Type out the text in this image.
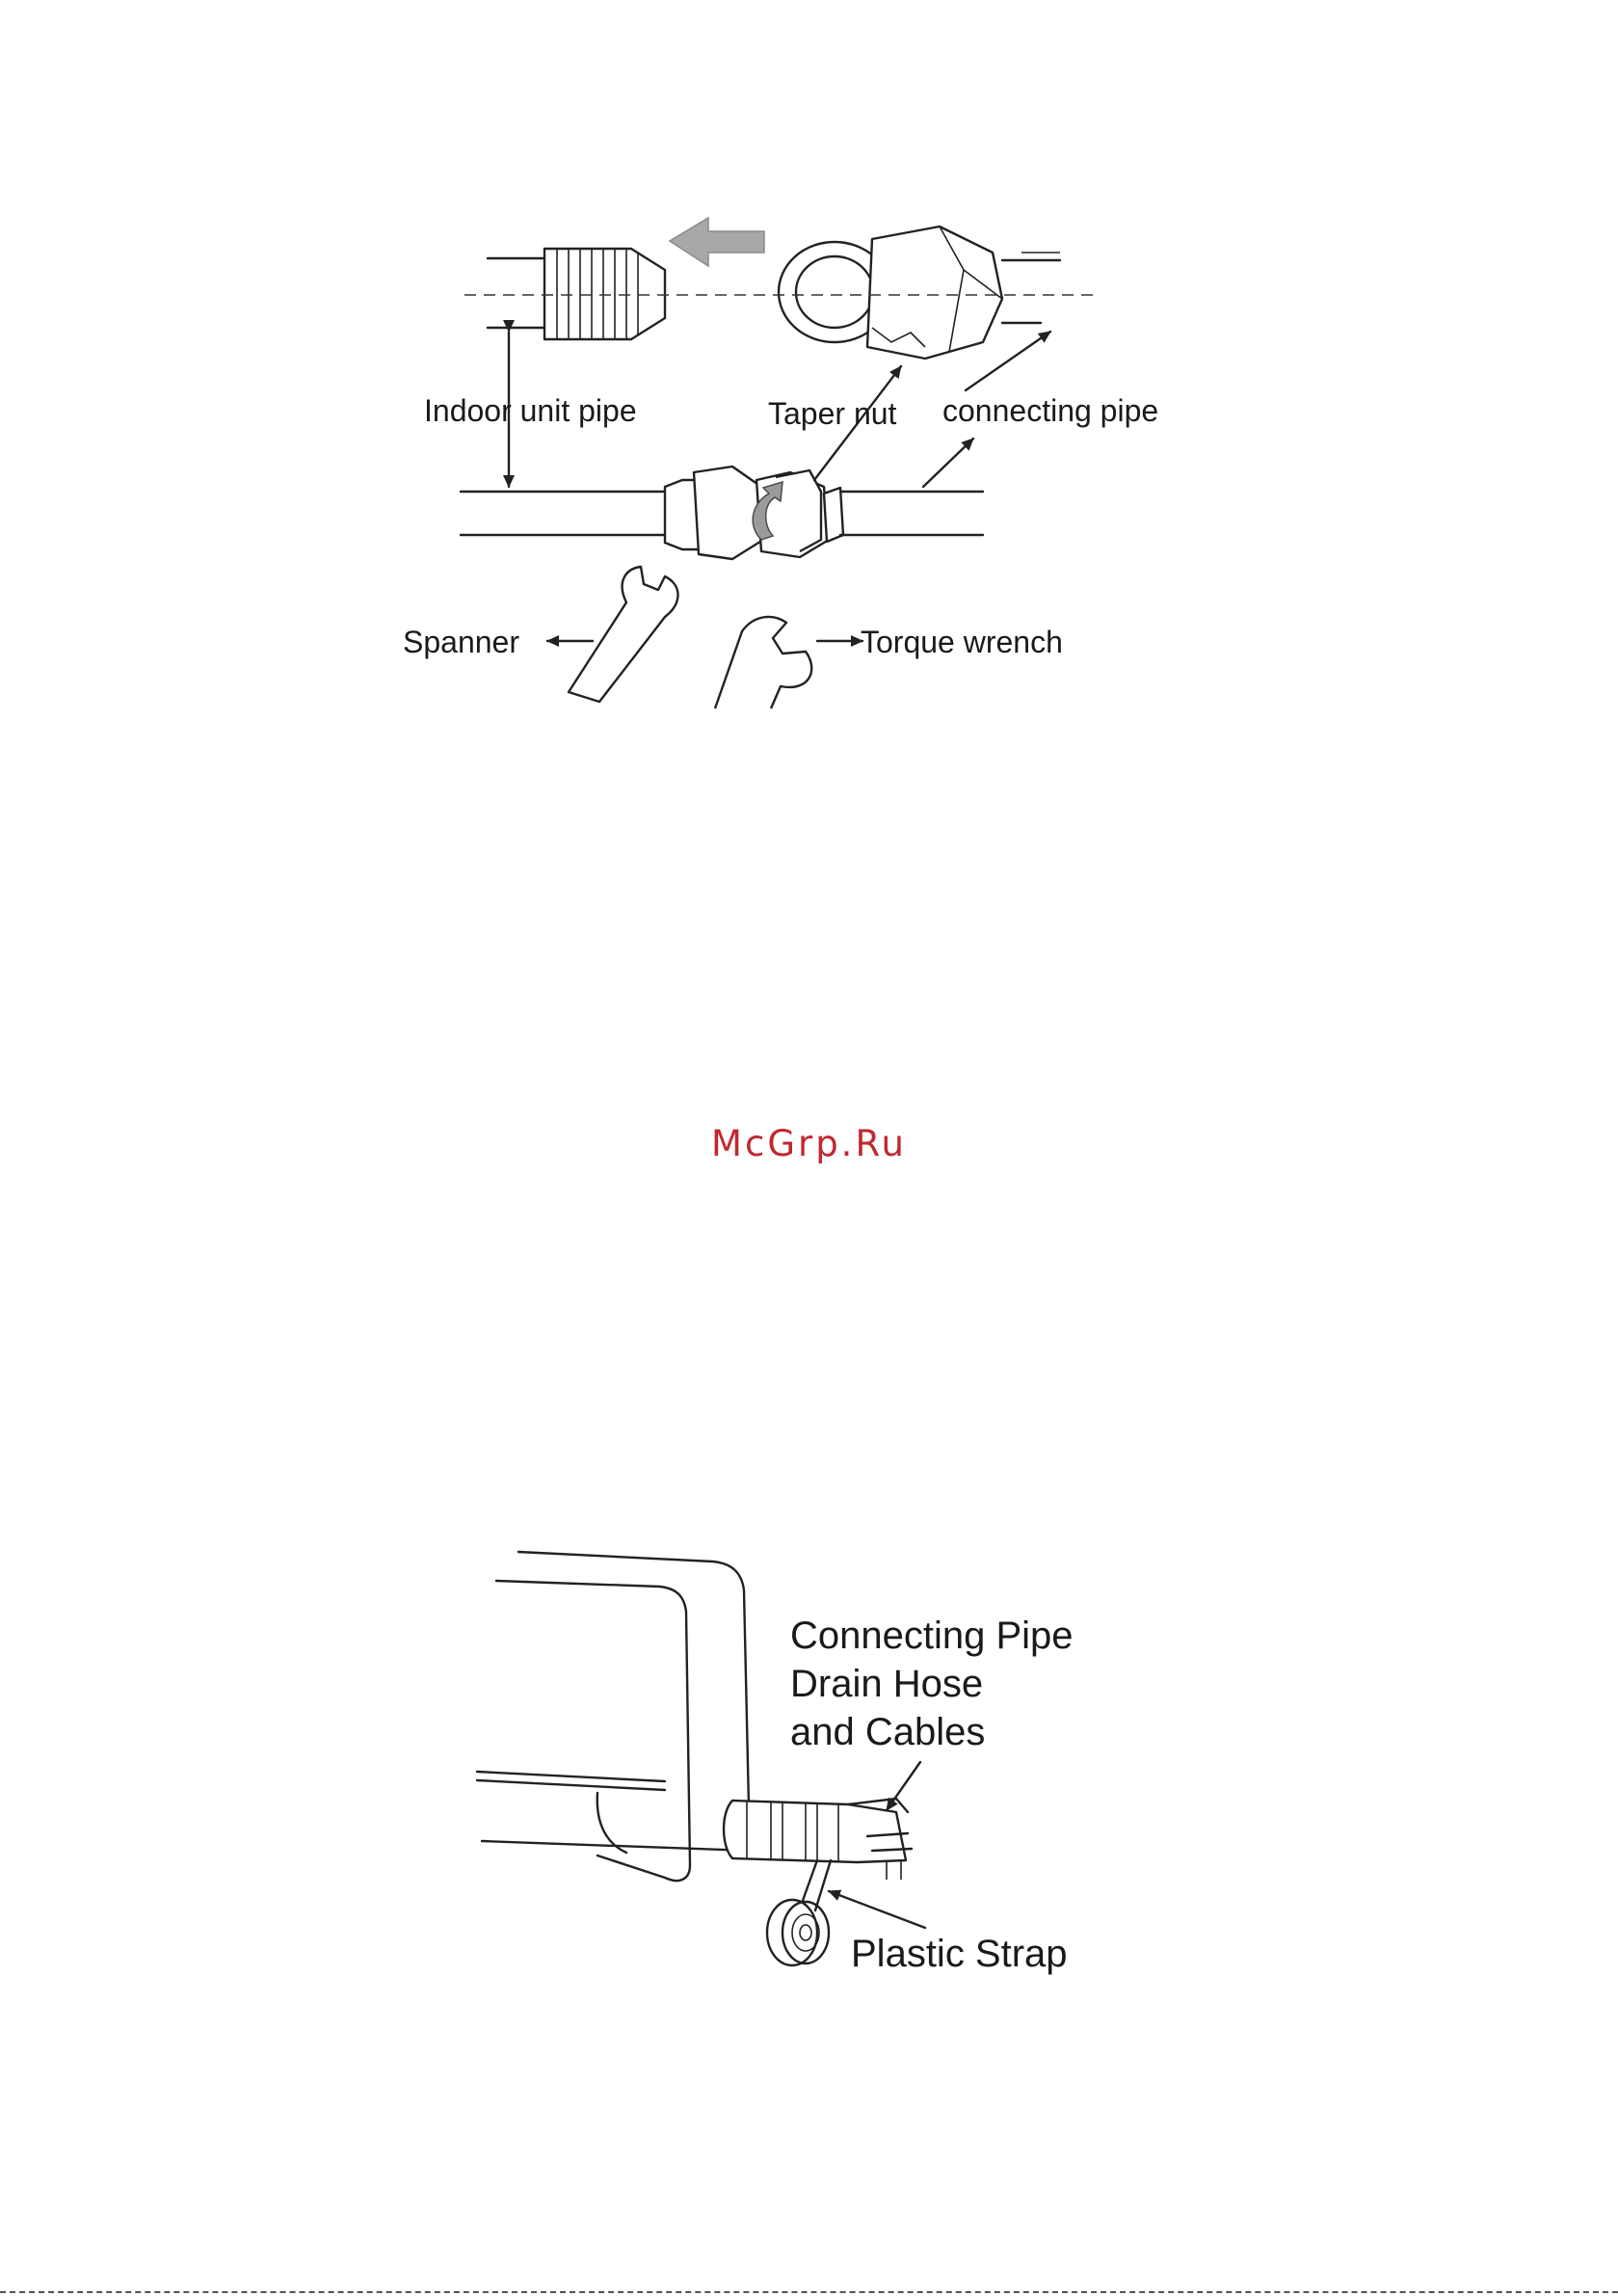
Indoor unit pipe	Taper nut connecting pipe
Spanner	Torque wrench
Connecting Pipe
Drain Hose
and Cables
Plastic Strap
McGrp.Ru
